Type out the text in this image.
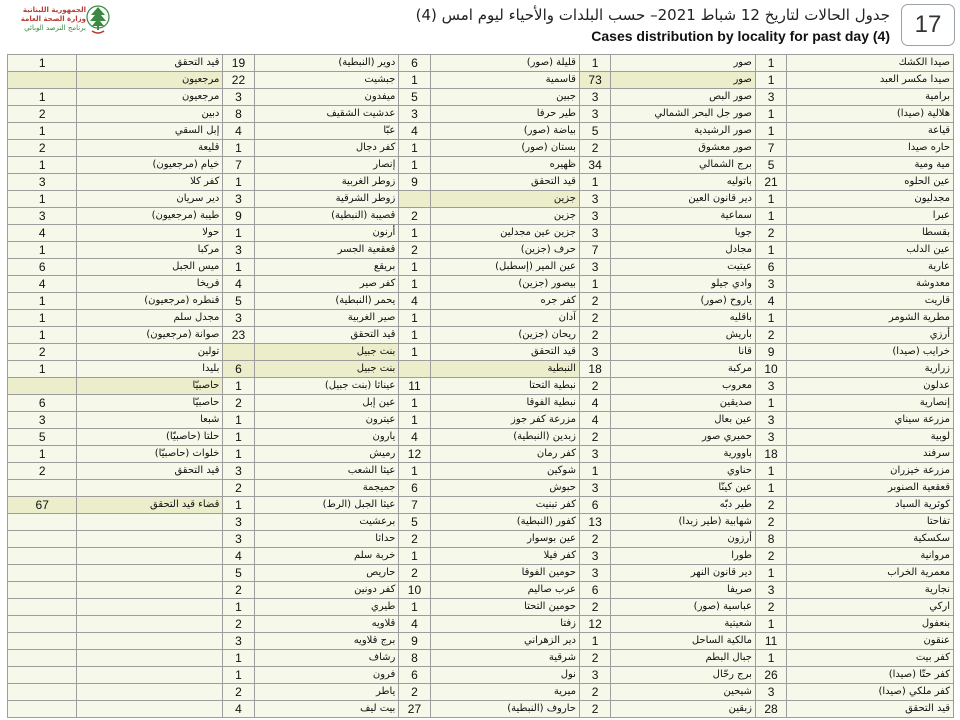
الجمهورية اللبنانية
وزارة الصحة العامة
برنامج الترصد الوبائي
جدول الحالات لتاريخ 12 شباط 2021– حسب البلدات والأحياء ليوم امس (4)
Cases distribution by locality for past day (4)	17
1	قيد التحقق	19	دوير (النبطية)	6	قليلة (صور)	1	صور	1	صيدا الكشك
	مرجعيون	22	جبشيت	1	قاسمية	73	صور	1	صيدا مكسر العبد
1	مرجعيون	3	ميفدون	5	جبين	3	صور البص	3	برامية
2	دبين	8	عدشيت الشقيف	3	طير حرفا	3	صور جل البحر الشمالي	1	هلالية (صيدا)
1	إبل السقي	4	عبّا	4	بياضة (صور)	5	صور الرشيدية	1	قياعة
2	قليعة	1	كفر دجال	1	بستان (صور)	2	صور معشوق	7	حاره صيدا
1	خيام (مرجعيون)	7	إنصار	1	ظهيره	34	برج الشمالي	5	مية ومية
3	كفر كلا	1	زوطر الغربية	9	قيد التحقق	1	باتوليه	21	عين الحلوه
1	دير سريان	3	زوطر الشرقية		جزين	3	دير قانون العين	1	مجدليون
3	طيبة (مرجعيون)	9	قصيبة (النبطية)	2	جزين	3	سماعية	1	عبرا
4	حولا	1	أرنون	1	جزين عين مجدلين	3	جويا	2	بقسطا
1	مركبا	3	قعقعية الجسر	2	حرف (جزين)	7	مجادل	1	عين الدلب
6	ميس الجبل	1	بريقع	1	عين المير (إسطبل)	3	عيتيت	6	عارية
4	فريخا	4	كفر صير	1	بيصور (جزين)	1	وادي جيلو	3	معدوشة
1	قنطره (مرجعيون)	5	يحمر (النبطية)	4	كفر جره	2	ياروح (صور)	4	قاريت
1	مجدل سلم	3	صير الغربية	1	آدان	2	باقليه	1	مطرية الشومر
1	صوانة (مرجعيون)	23	قيد التحقق	1	ريحان (جزين)	2	باريش	2	أرزي
2	تولين		بنت جبيل	1	قيد التحقق	3	قانا	9	خرايب (صيدا)
1	بليدا	6	بنت جبيل		النبطية	18	مركبة	10	زرارية
	حاصبيّا	1	عيناثا (بنت جبيل)	11	نبطية التحتا	2	معروب	3	عدلون
6	حاصبيّا	2	عين إبل	1	نبطية الفوقا	4	صديقين	1	إنصارية
3	شبعا	1	عيترون	1	مزرعة كفر جوز	4	عين بعال	3	مزرعة سيناي
5	حلتا (حاصبيّا)	1	يارون	4	زبدين (النبطية)	2	حميري صور	3	لوبية
1	خلوات (حاصبيّا)	1	رميش	12	كفر رمان	3	باوورية	18	سرفند
2	قيد التحقق	3	عيثا الشعب	1	شوكين	1	حناوي	1	مزرعة خيزران
		2	جميجمة	6	حبوش	3	عين كينّا	1	قعقعية الصنوبر
67	قضاء قيد التحقق	1	عيثا الجبل (الرط)	7	كفر تبنيت	6	طير دبّه	2	كوثرية السياد
		3	برعشيت	5	كفور (النبطية)	13	شهابية (طير زبدا)	2	تفاحتا
		3	حداثا	2	عين بوسوار	2	أرزون	8	سكسكية
		4	خربة سلم	1	كفر فيلا	3	طورا	2	مروانية
		5	حاريص	2	حومين الفوقا	3	دير قانون النهر	1	معمرية الخراب
		2	كفر دونين	10	عرب صاليم	6	صريفا	3	نجارية
		1	طيري	1	حومين التحتا	2	عباسية (صور)	2	اركي
		2	قلاويه	4	زفتا	12	شعيتية	1	بنعفول
		3	برج قلاويه	9	دير الزهراني	1	مالكية الساحل	11	عنقون
		1	رشاف	8	شرقية	2	جبال البطم	1	كفر بيت
		1	فرون	6	نول	3	برج رحّال	26	كفر حتّا (صيدا)
		2	ياطر	2	ميرية	2	شيحين	3	كفر ملكي (صيدا)
		4	بيت ليف	27	حاروف (النبطية)	2	زبقين	28	قيد التحقق
